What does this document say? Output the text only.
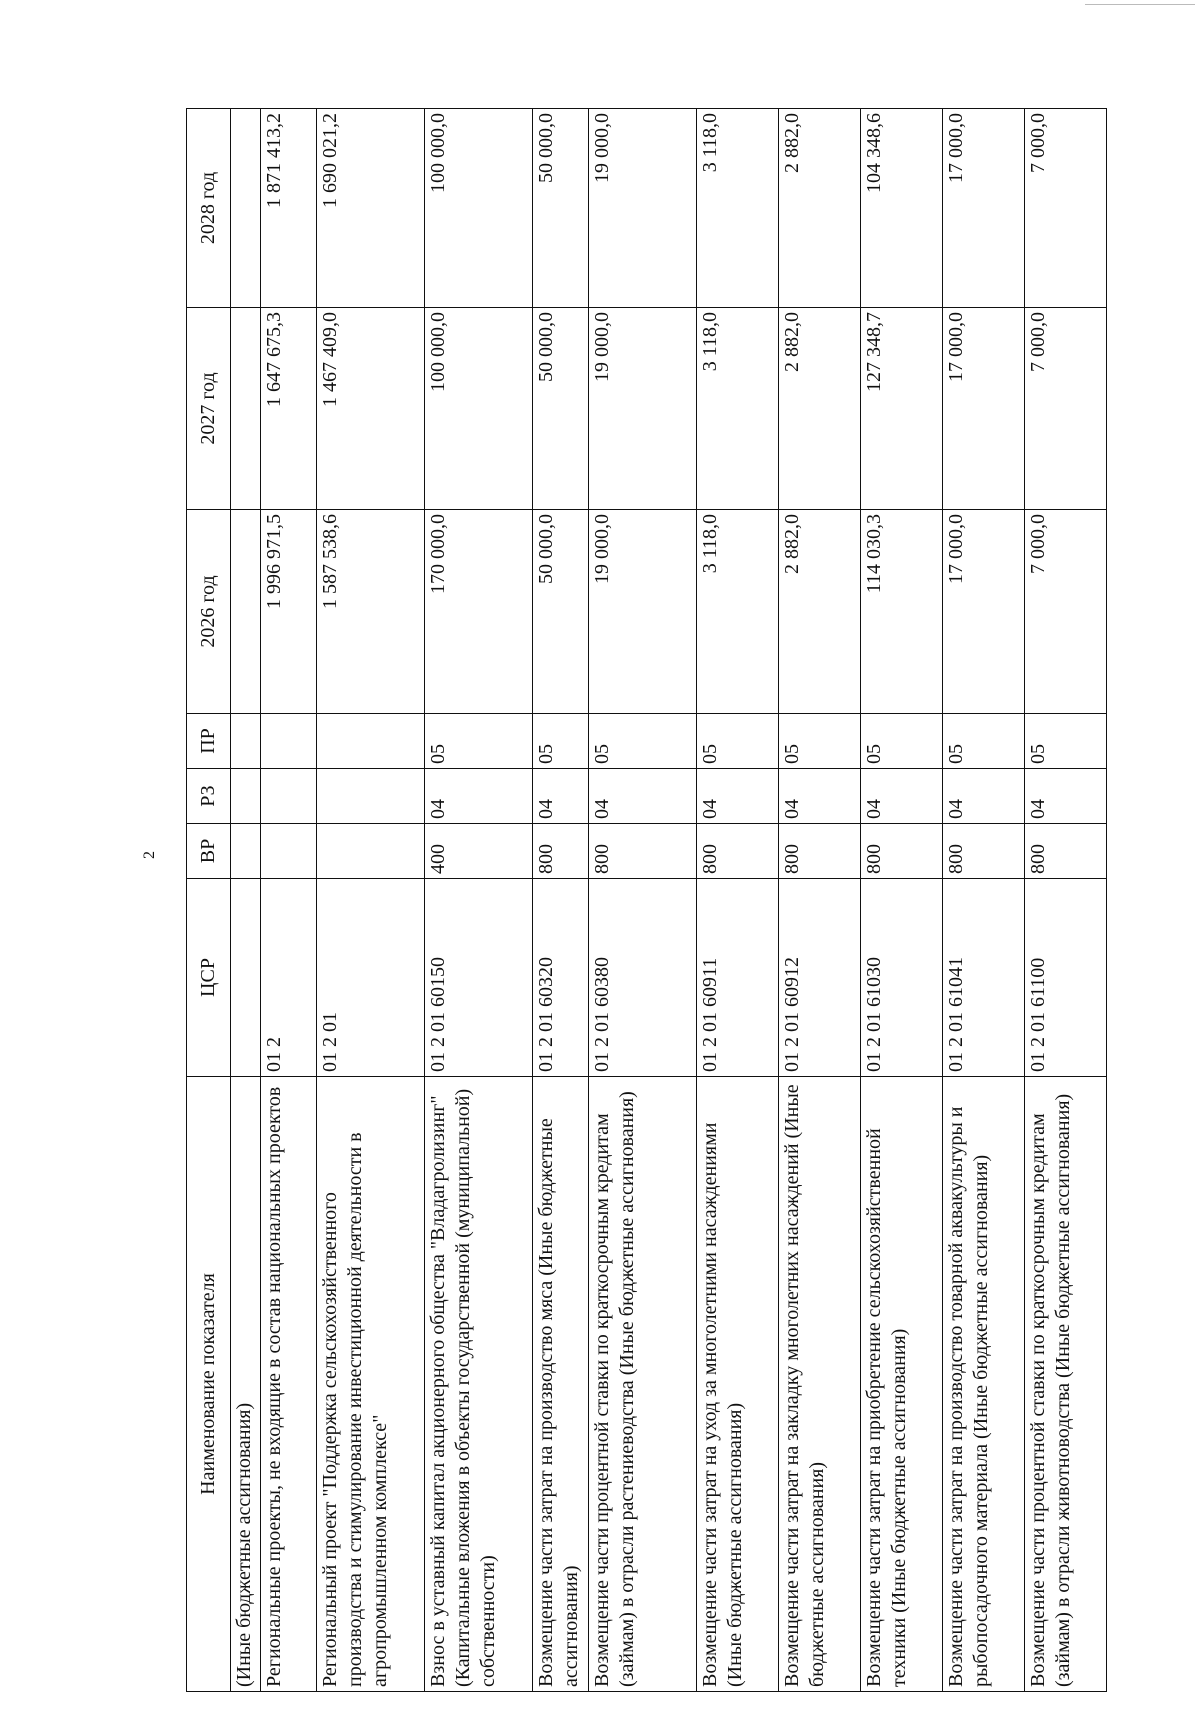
2
Наименование показателя	ЦСР	ВР	РЗ	ПР	2026 год	2027 год	2028 год
(Иные бюджетные ассигнования)							
Региональные проекты, не входящие в состав национальных проектов	01 2				1 996 971,5	1 647 675,3	1 871 413,2
Региональный проект "Поддержка сельскохозяйственного производства и стимулирование инвестиционной деятельности в агропромышленном комплексе"	01 2 01				1 587 538,6	1 467 409,0	1 690 021,2
Взнос в уставный капитал акционерного общества "Владагролизинг" (Капитальные вложения в объекты государственной (муниципальной) собственности)	01 2 01 60150	400	04	05	170 000,0	100 000,0	100 000,0
Возмещение части затрат на производство мяса (Иные бюджетные ассигнования)	01 2 01 60320	800	04	05	50 000,0	50 000,0	50 000,0
Возмещение части процентной ставки по краткосрочным кредитам (займам) в отрасли растениеводства (Иные бюджетные ассигнования)	01 2 01 60380	800	04	05	19 000,0	19 000,0	19 000,0
Возмещение части затрат на уход за многолетними насаждениями (Иные бюджетные ассигнования)	01 2 01 60911	800	04	05	3 118,0	3 118,0	3 118,0
Возмещение части затрат на закладку многолетних насаждений (Иные бюджетные ассигнования)	01 2 01 60912	800	04	05	2 882,0	2 882,0	2 882,0
Возмещение части затрат на приобретение сельскохозяйственной техники (Иные бюджетные ассигнования)	01 2 01 61030	800	04	05	114 030,3	127 348,7	104 348,6
Возмещение части затрат на производство товарной аквакультуры и рыбопосадочного материала (Иные бюджетные ассигнования)	01 2 01 61041	800	04	05	17 000,0	17 000,0	17 000,0
Возмещение части процентной ставки по краткосрочным кредитам (займам) в отрасли животноводства (Иные бюджетные ассигнования)	01 2 01 61100	800	04	05	7 000,0	7 000,0	7 000,0
